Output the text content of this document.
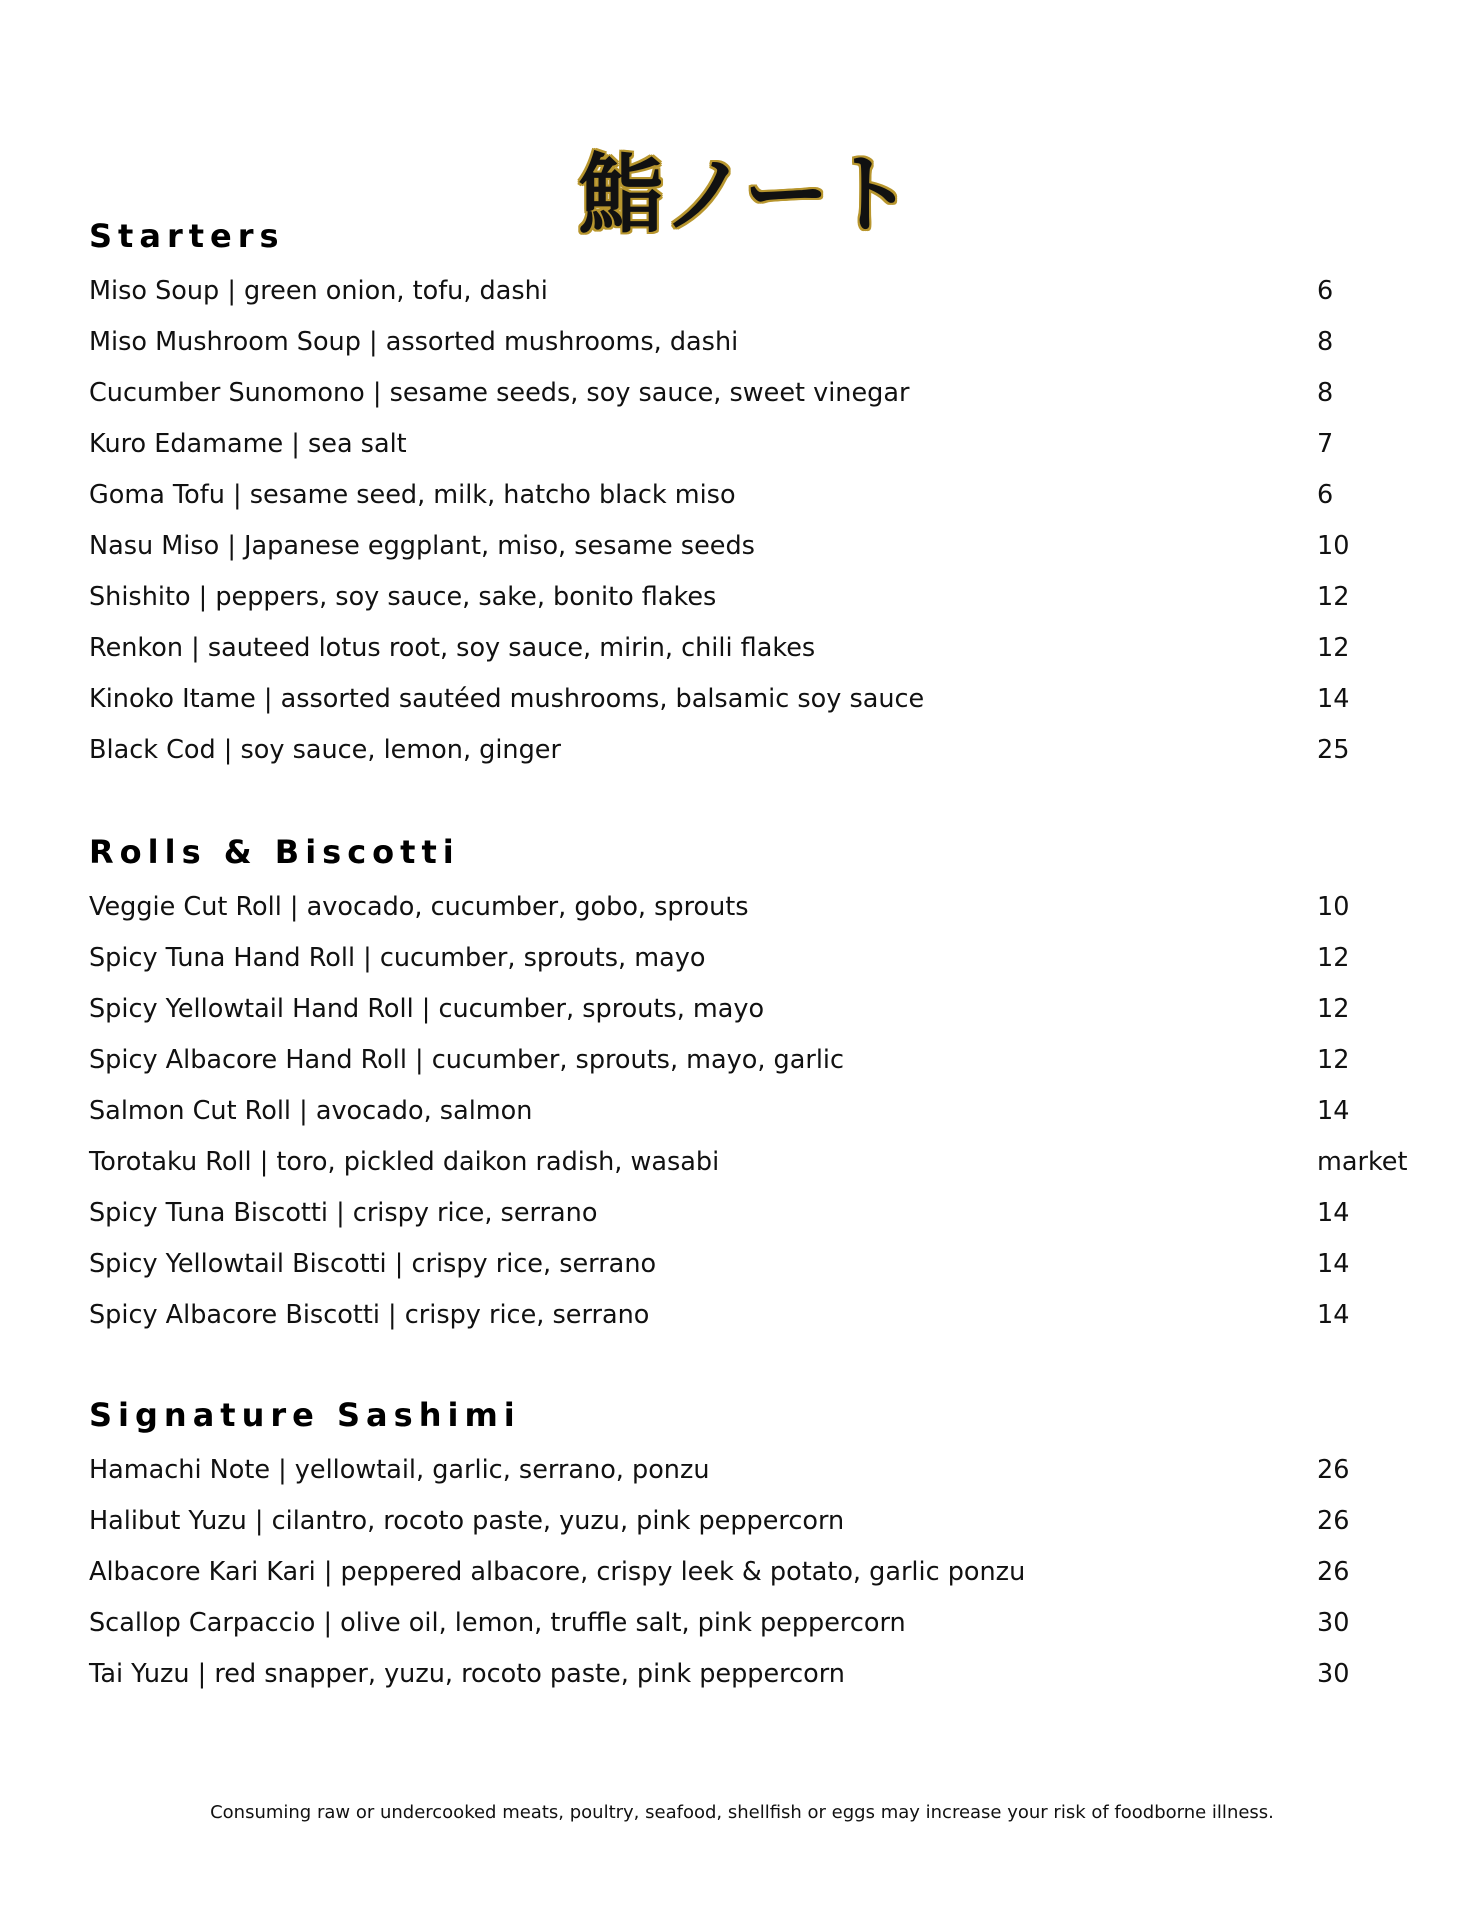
鮨ノート
Starters
Miso Soup | green onion, tofu, dashi	6
Miso Mushroom Soup | assorted mushrooms, dashi	8
Cucumber Sunomono | sesame seeds, soy sauce, sweet vinegar	8
Kuro Edamame | sea salt	7
Goma Tofu | sesame seed, milk, hatcho black miso	6
Nasu Miso | Japanese eggplant, miso, sesame seeds	10
Shishito | peppers, soy sauce, sake, bonito flakes	12
Renkon | sauteed lotus root, soy sauce, mirin, chili flakes	12
Kinoko Itame | assorted sautéed mushrooms, balsamic soy sauce	14
Black Cod | soy sauce, lemon, ginger	25
Rolls & Biscotti
Veggie Cut Roll | avocado, cucumber, gobo, sprouts	10
Spicy Tuna Hand Roll | cucumber, sprouts, mayo	12
Spicy Yellowtail Hand Roll | cucumber, sprouts, mayo	12
Spicy Albacore Hand Roll | cucumber, sprouts, mayo, garlic	12
Salmon Cut Roll | avocado, salmon	14
Torotaku Roll | toro, pickled daikon radish, wasabi	market
Spicy Tuna Biscotti | crispy rice, serrano	14
Spicy Yellowtail Biscotti | crispy rice, serrano	14
Spicy Albacore Biscotti | crispy rice, serrano	14
Signature Sashimi
Hamachi Note | yellowtail, garlic, serrano, ponzu	26
Halibut Yuzu | cilantro, rocoto paste, yuzu, pink peppercorn	26
Albacore Kari Kari | peppered albacore, crispy leek & potato, garlic ponzu	26
Scallop Carpaccio | olive oil, lemon, truffle salt, pink peppercorn	30
Tai Yuzu | red snapper, yuzu, rocoto paste, pink peppercorn	30
Consuming raw or undercooked meats, poultry, seafood, shellfish or eggs may increase your risk of foodborne illness.
